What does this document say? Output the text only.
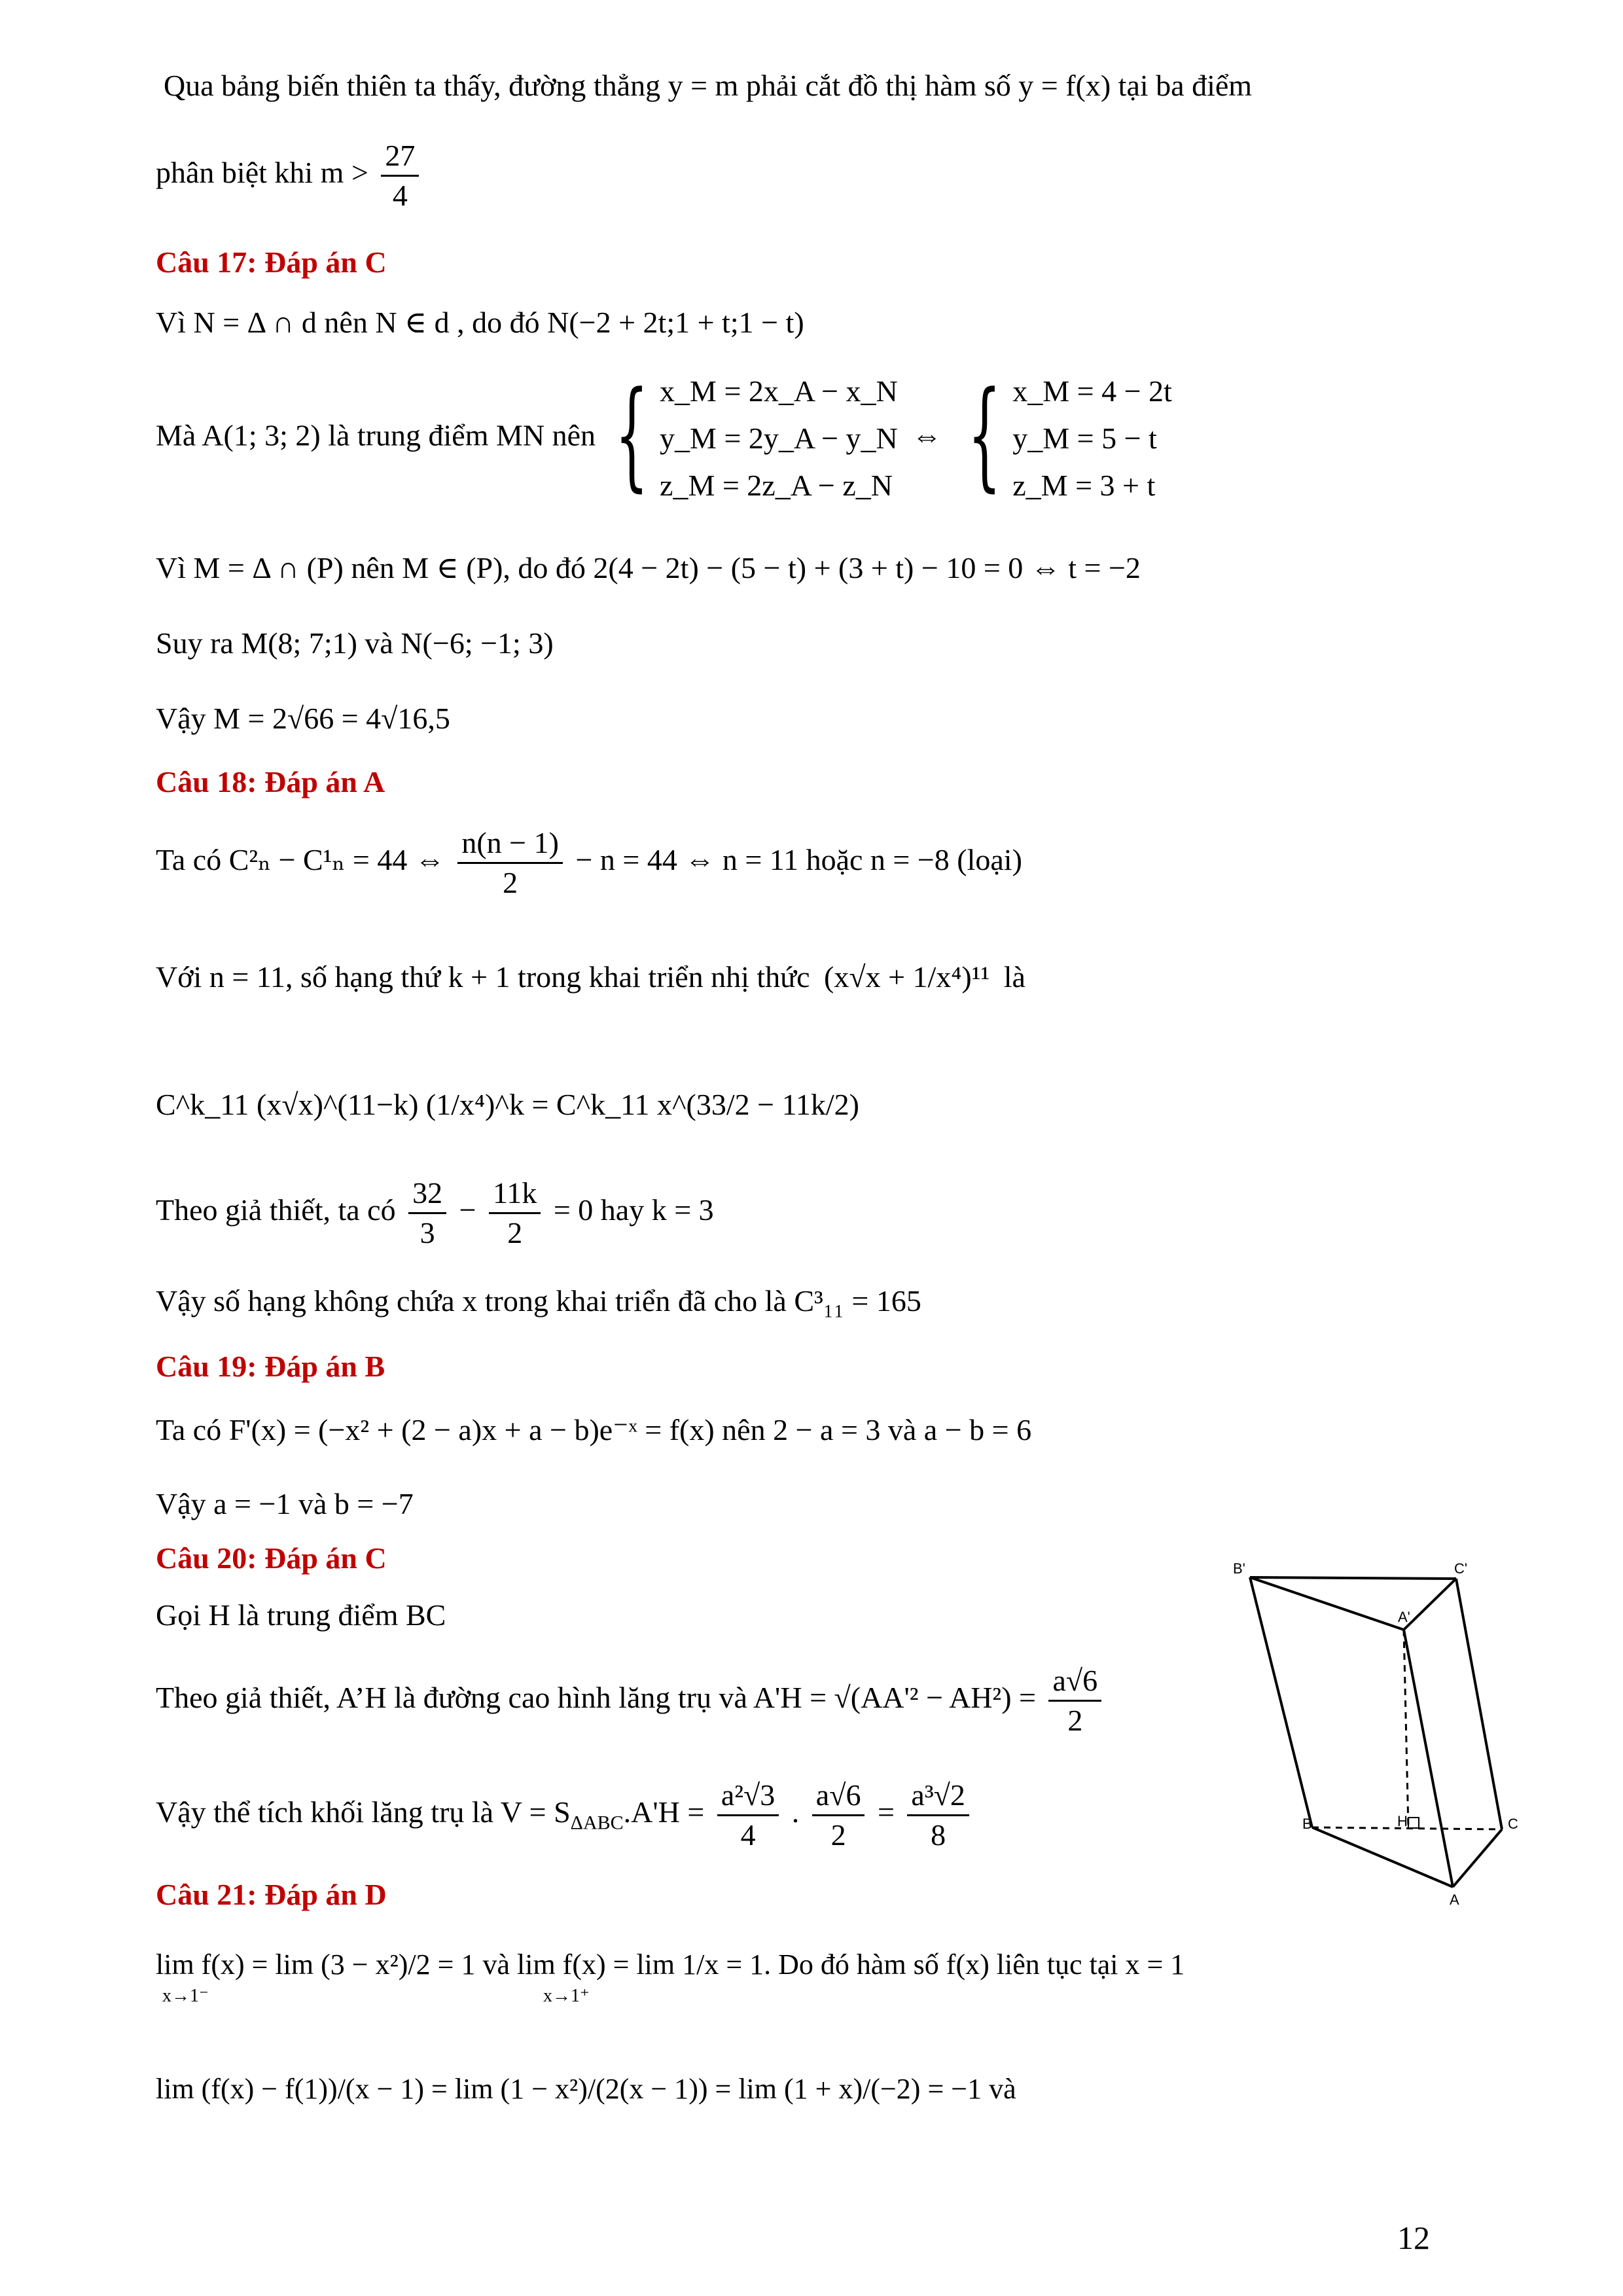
Qua bảng biến thiên ta thấy, đường thẳng y = m phải cắt đồ thị hàm số y = f(x) tại ba điểm
phân biệt khi $m > \frac{27}{4}$
Câu 17: Đáp án C
Vì N = Δ ∩ d nên N ∈ d , do đó N(−2 + 2t;1 + t;1 − t)
Mà A(1; 3; 2) là trung điểm MN nên { x_M = 2x_A − x_N
y_M = 2y_A − y_N
z_M = 2z_A − z_N
⇔ { x_M = 4 − 2t
y_M = 5 − t
z_M = 3 + t
Vì M = Δ ∩ (P) nên M ∈ (P), do đó 2(4 − 2t) − (5 − t) + (3 + t) − 10 = 0 ⇔ t = −2
Suy ra M(8; 7;1) và N(−6; −1; 3)
Vậy M = 2√66 = 4√16,5
Câu 18: Đáp án A
Ta có C²ₙ − C¹ₙ = 44 ⇔ $\frac{n(n - 1)}{2} - n = 44$ ⇔ n = 11 hoặc n = −8 (loại)
Với n = 11, số hạng thứ k + 1 trong khai triển nhị thức (x√x + 1/x⁴)¹¹ là
C^k_11 (x√x)^(11−k) (1/x⁴)^k = C^k_11 x^(33/2 − 11k/2)
Theo giả thiết, ta có $\frac{32}{3} - \frac{11k}{2} = 0$ hay k = 3
Vậy số hạng không chứa x trong khai triển đã cho là C³₁₁ = 165
Câu 19: Đáp án B
Ta có F'(x) = (−x² + (2 − a)x + a − b)e⁻ˣ = f(x) nên 2 − a = 3 và a − b = 6
Vậy a = −1 và b = −7
Câu 20: Đáp án C
Gọi H là trung điểm BC
Theo giả thiết, A’H là đường cao hình lăng trụ và $A'H = √(AA'^2 - AH^2) = \frac{a√6}{2}$
Vậy thể tích khối lăng trụ là $V = S_{\Delta ABC}.A'H = \frac{\text{a²√3}}{4}$ . $\frac{a√6}{2} = \frac{\text{a³√2}}{8}$
B'	C'
A'
B	H	C
A
Câu 21: Đáp án D
lim f(x) = lim (3 − x²)/2 = 1 và lim f(x) = lim 1/x = 1. Do đó hàm số f(x) liên tục tại x = 1
x→1⁻	x→1⁺
lim (f(x) − f(1))/(x − 1) = lim (1 − x²)/(2(x − 1)) = lim (1 + x)/(−2) = −1 và
12
